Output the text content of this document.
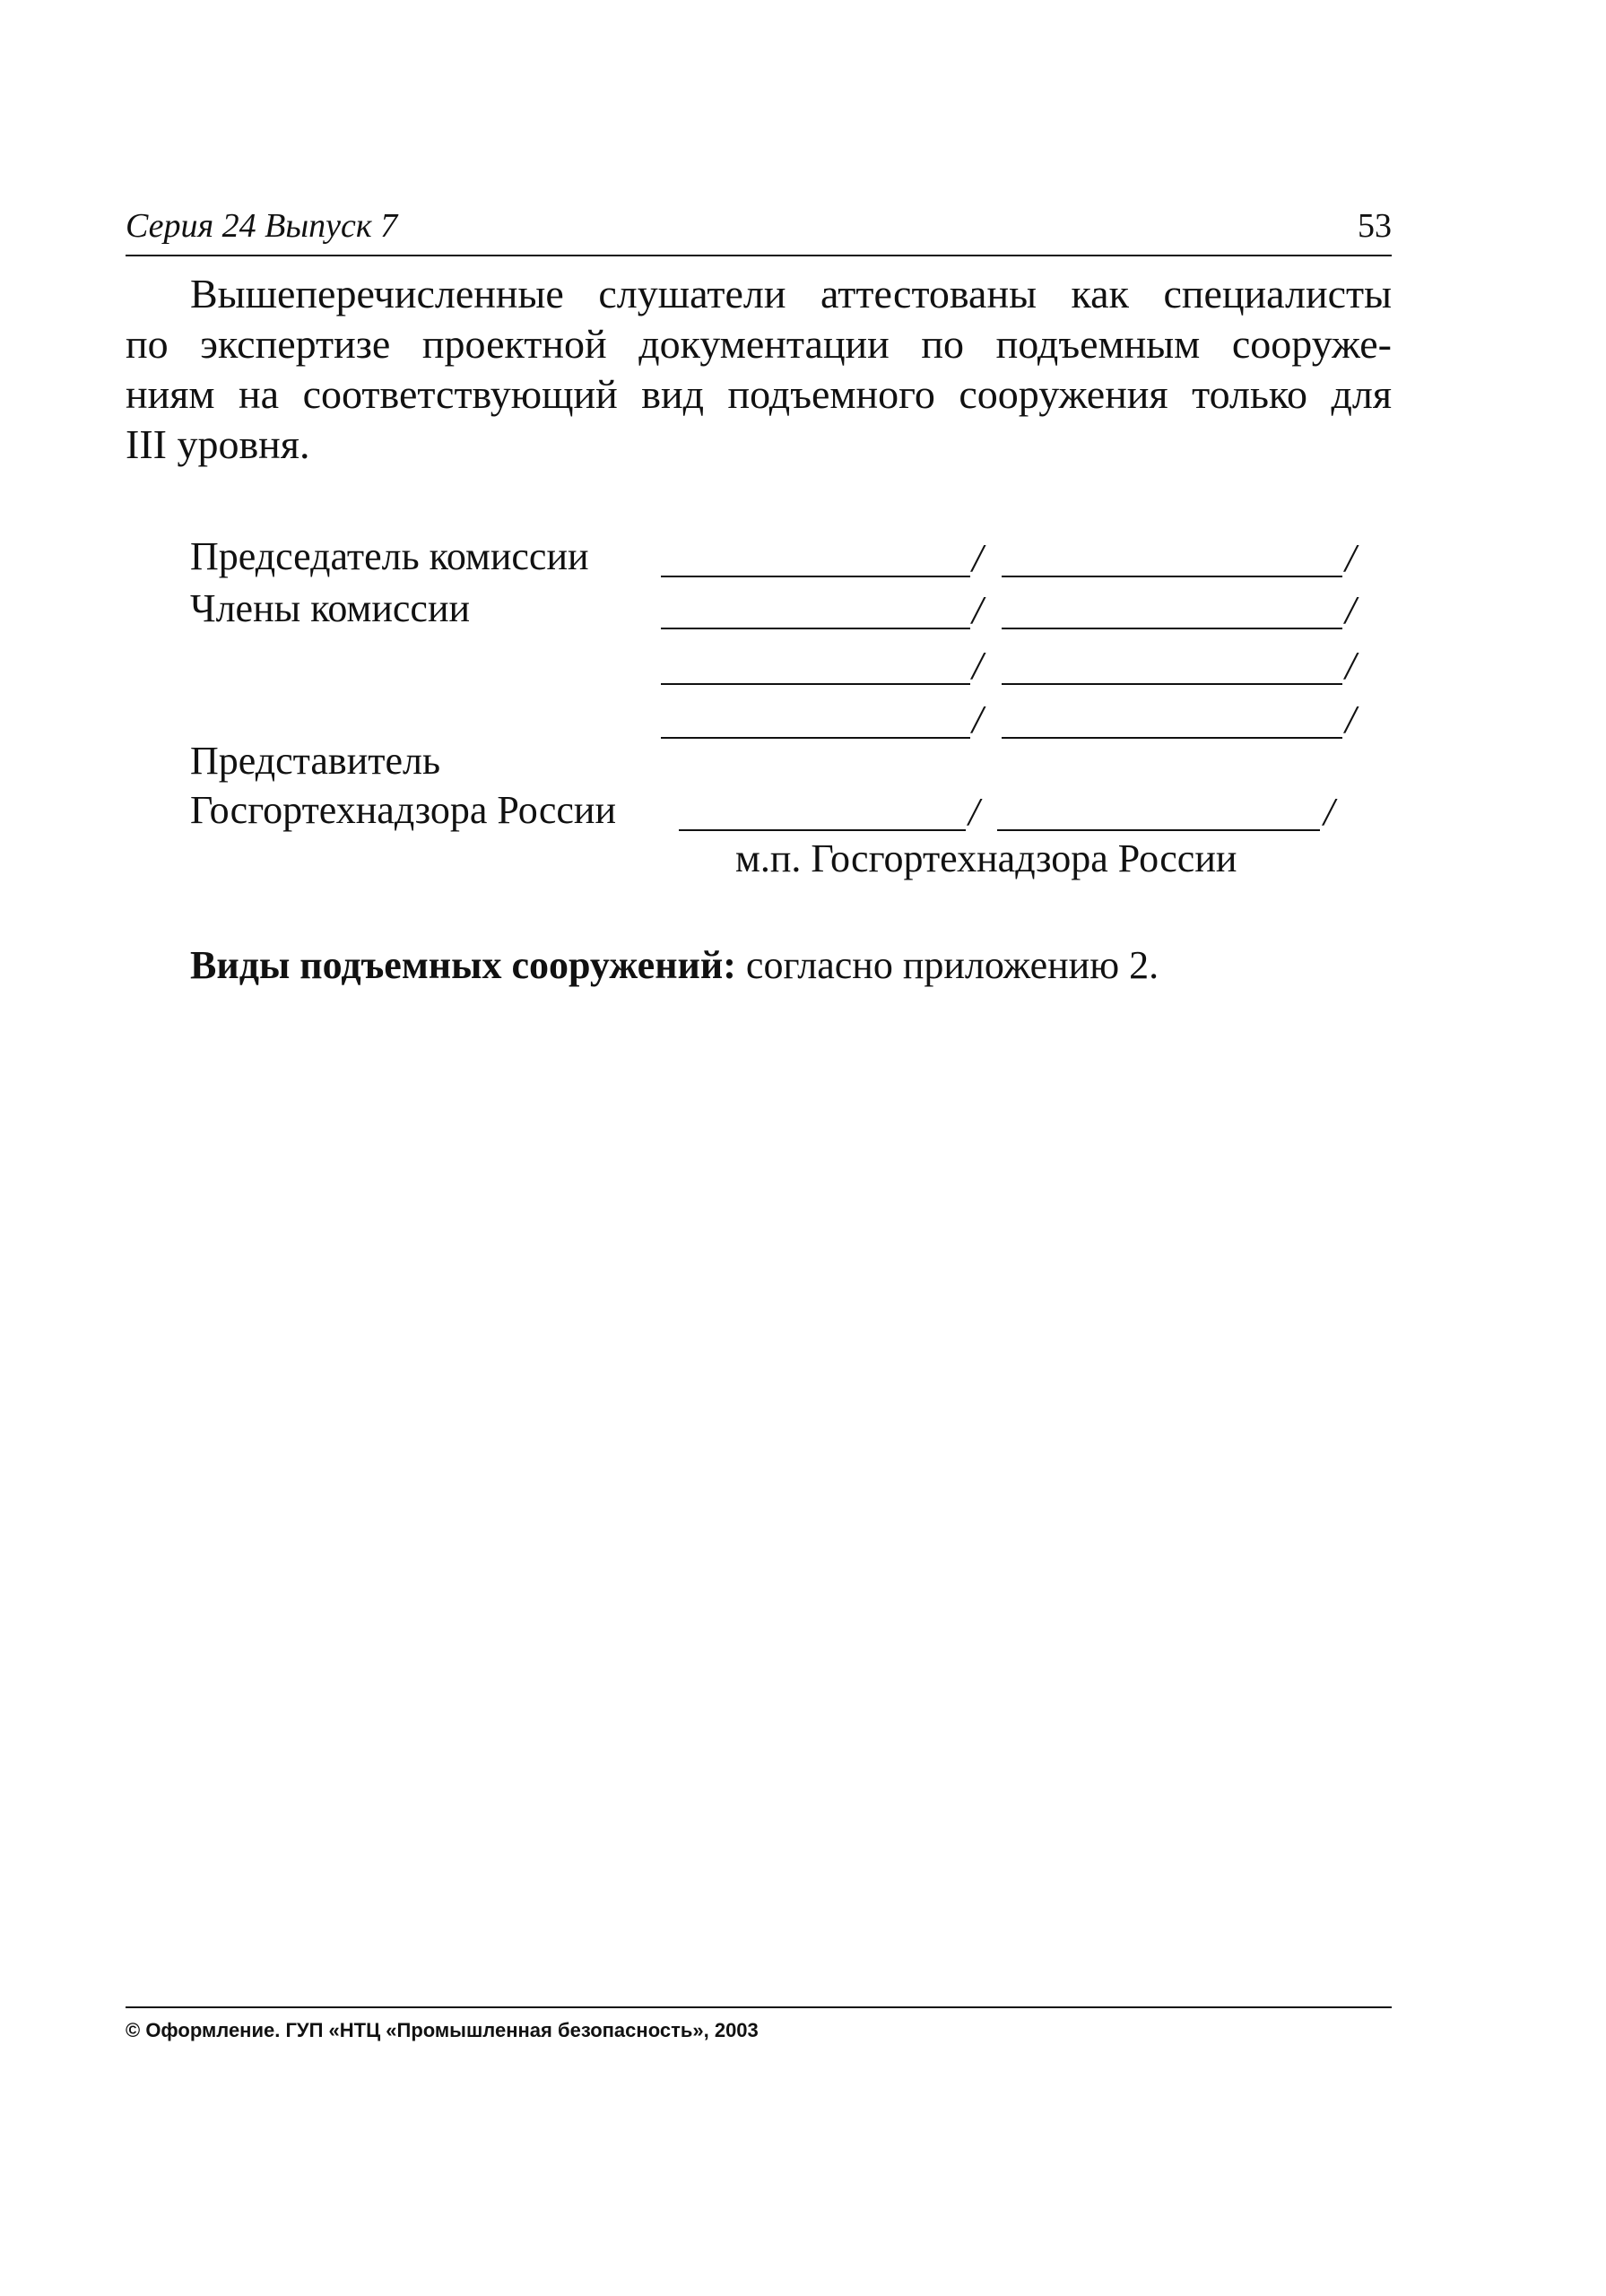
Серия 24 Выпуск 7	53
Вышеперечисленные слушатели аттестованы как специалисты
по экспертизе проектной документации по подъемным сооруже-
ниям на соответствующий вид подъемного сооружения только для
III уровня.
Председатель комиссии	/	/
Члены комиссии	/	/
/	/
/	/
Представитель
Госгортехнадзора России	/	/
м.п. Госгортехнадзора России
Виды подъемных сооружений: согласно приложению 2.
© Оформление. ГУП «НТЦ «Промышленная безопасность», 2003
